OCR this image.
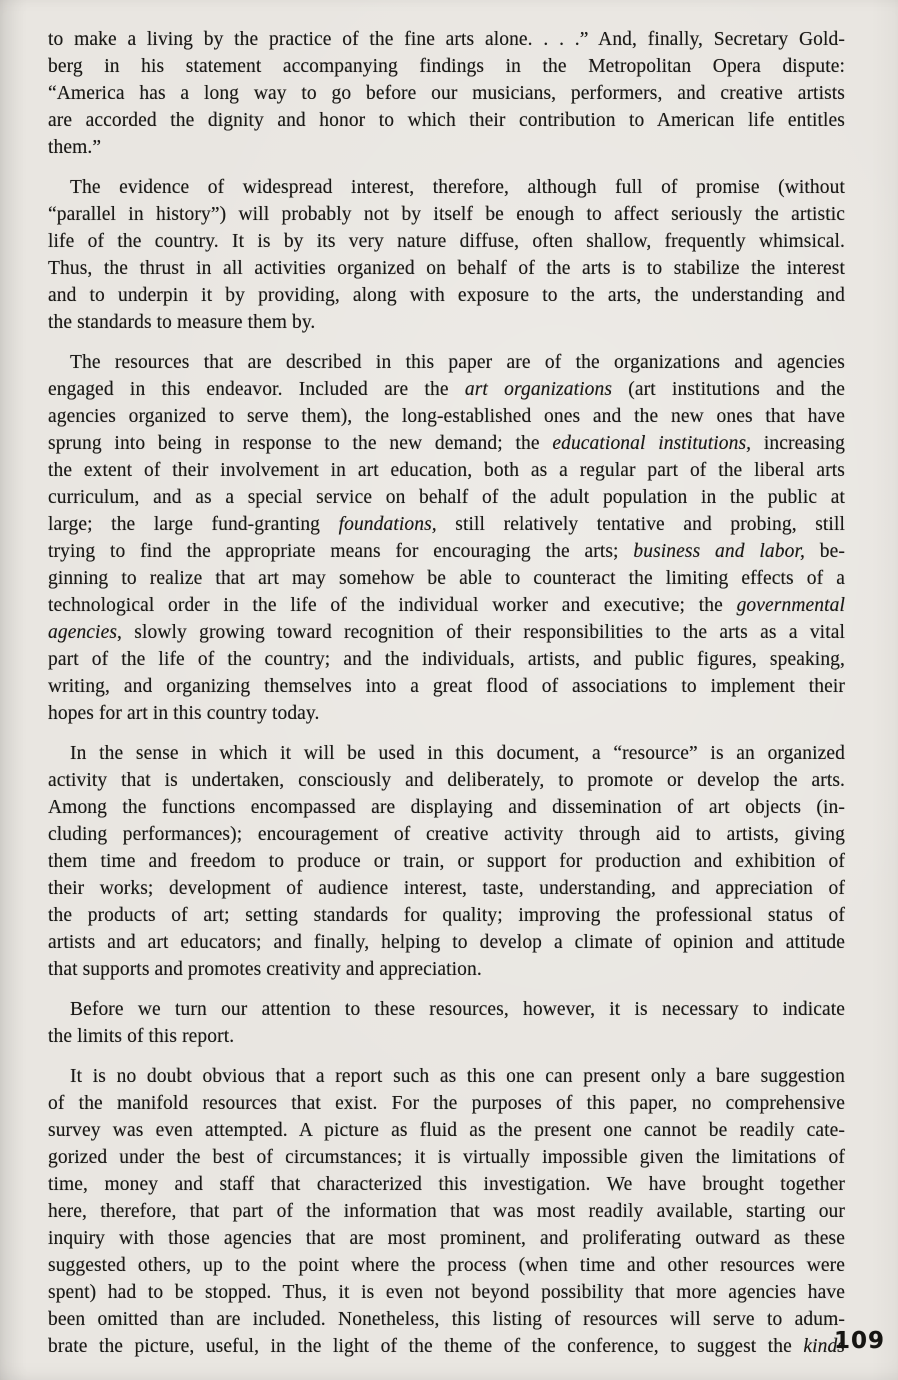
to make a living by the practice of the fine arts alone. . . .” And, finally, Secretary Gold-
berg in his statement accompanying findings in the Metropolitan Opera dispute:
“America has a long way to go before our musicians, performers, and creative artists
are accorded the dignity and honor to which their contribution to American life entitles
them.”
The evidence of widespread interest, therefore, although full of promise (without
“parallel in history”) will probably not by itself be enough to affect seriously the artistic
life of the country. It is by its very nature diffuse, often shallow, frequently whimsical.
Thus, the thrust in all activities organized on behalf of the arts is to stabilize the interest
and to underpin it by providing, along with exposure to the arts, the understanding and
the standards to measure them by.
The resources that are described in this paper are of the organizations and agencies
engaged in this endeavor. Included are the art organizations (art institutions and the
agencies organized to serve them), the long-established ones and the new ones that have
sprung into being in response to the new demand; the educational institutions, increasing
the extent of their involvement in art education, both as a regular part of the liberal arts
curriculum, and as a special service on behalf of the adult population in the public at
large; the large fund-granting foundations, still relatively tentative and probing, still
trying to find the appropriate means for encouraging the arts; business and labor, be-
ginning to realize that art may somehow be able to counteract the limiting effects of a
technological order in the life of the individual worker and executive; the governmental
agencies, slowly growing toward recognition of their responsibilities to the arts as a vital
part of the life of the country; and the individuals, artists, and public figures, speaking,
writing, and organizing themselves into a great flood of associations to implement their
hopes for art in this country today.
In the sense in which it will be used in this document, a “resource” is an organized
activity that is undertaken, consciously and deliberately, to promote or develop the arts.
Among the functions encompassed are displaying and dissemination of art objects (in-
cluding performances); encouragement of creative activity through aid to artists, giving
them time and freedom to produce or train, or support for production and exhibition of
their works; development of audience interest, taste, understanding, and appreciation of
the products of art; setting standards for quality; improving the professional status of
artists and art educators; and finally, helping to develop a climate of opinion and attitude
that supports and promotes creativity and appreciation.
Before we turn our attention to these resources, however, it is necessary to indicate
the limits of this report.
It is no doubt obvious that a report such as this one can present only a bare suggestion
of the manifold resources that exist. For the purposes of this paper, no comprehensive
survey was even attempted. A picture as fluid as the present one cannot be readily cate-
gorized under the best of circumstances; it is virtually impossible given the limitations of
time, money and staff that characterized this investigation. We have brought together
here, therefore, that part of the information that was most readily available, starting our
inquiry with those agencies that are most prominent, and proliferating outward as these
suggested others, up to the point where the process (when time and other resources were
spent) had to be stopped. Thus, it is even not beyond possibility that more agencies have
been omitted than are included. Nonetheless, this listing of resources will serve to adum-
brate the picture, useful, in the light of the theme of the conference, to suggest the kinds
109
